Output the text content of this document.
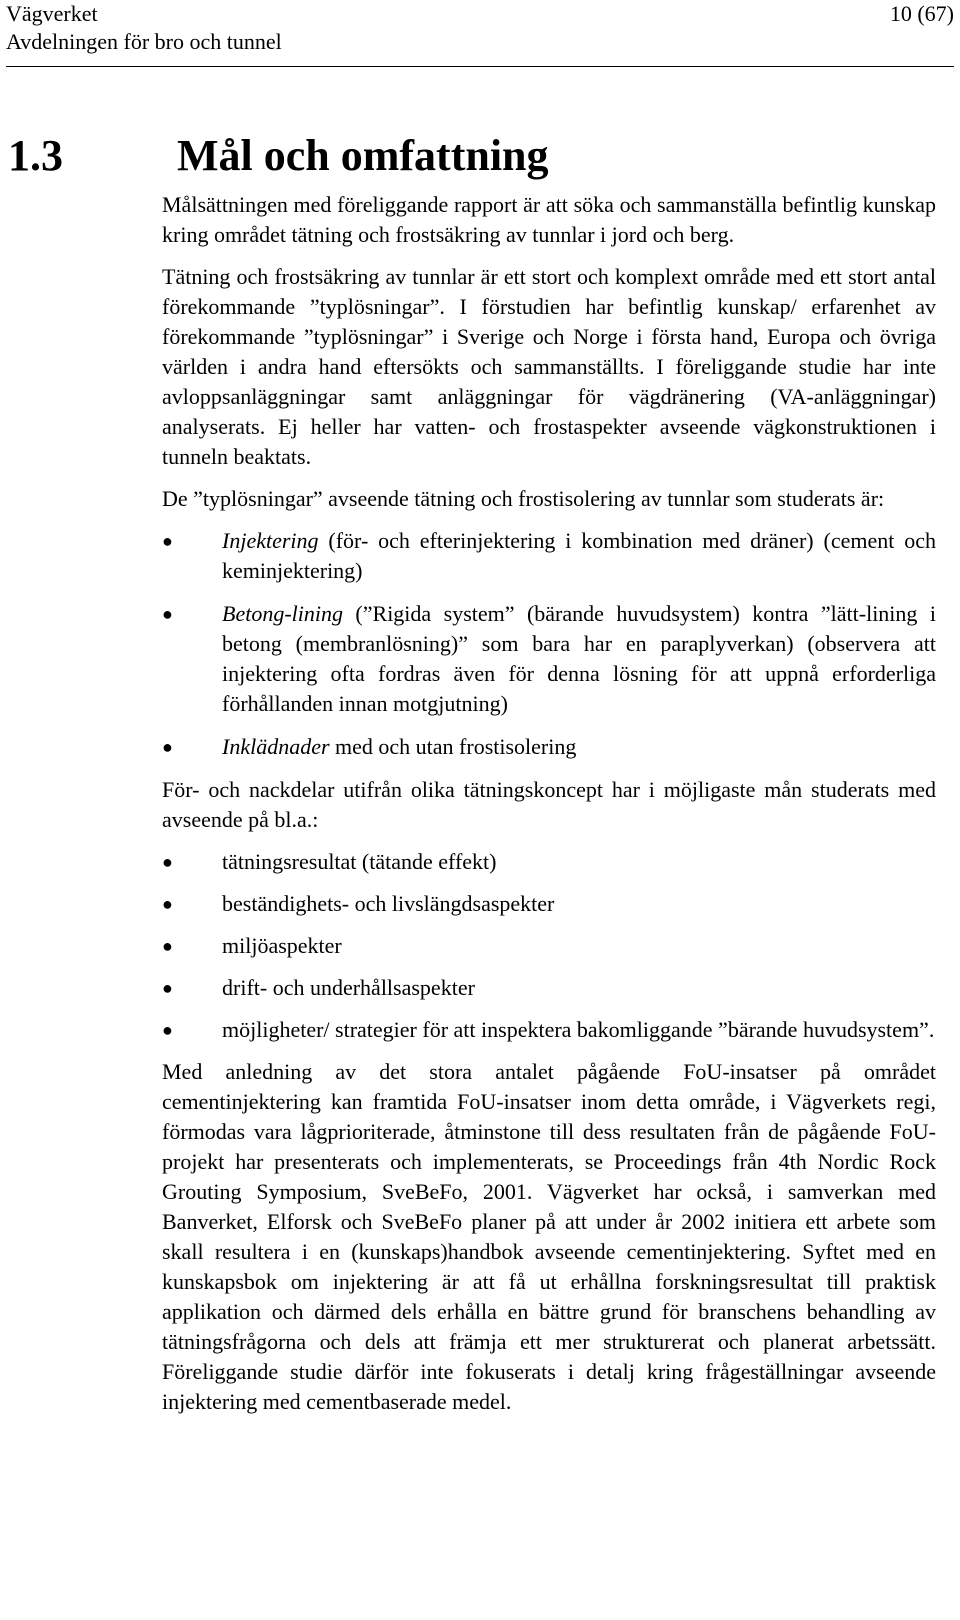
Vägverket
Avdelningen för bro och tunnel
10 (67)
1.3	Mål och omfattning

Målsättningen med föreliggande rapport är att söka och sammanställa befintlig kunskap kring området tätning och frostsäkring av tunnlar i jord och berg.

Tätning och frostsäkring av tunnlar är ett stort och komplext område med ett stort antal förekommande ”typlösningar”. I förstudien har befintlig kunskap/ erfarenhet av förekommande ”typlösningar” i Sverige och Norge i första hand, Europa och övriga världen i andra hand eftersökts och sammanställts. I föreliggande studie har inte avloppsanläggningar samt anläggningar för vägdränering (VA-anläggningar) analyserats. Ej heller har vatten- och frostaspekter avseende vägkonstruktionen i tunneln beaktats.

De ”typlösningar” avseende tätning och frostisolering av tunnlar som studerats är:

● Injektering (för- och efterinjektering i kombination med dräner) (cement och keminjektering)
● Betong-lining (”Rigida system” (bärande huvudsystem) kontra ”lätt-lining i betong (membranlösning)” som bara har en paraplyverkan) (observera att injektering ofta fordras även för denna lösning för att uppnå erforderliga förhållanden innan motgjutning)
● Inklädnader med och utan frostisolering

För- och nackdelar utifrån olika tätningskoncept har i möjligaste mån studerats med avseende på bl.a.:

● tätningsresultat (tätande effekt)
● beständighets- och livslängdsaspekter
● miljöaspekter
● drift- och underhållsaspekter
● möjligheter/ strategier för att inspektera bakomliggande ”bärande huvudsystem”.

Med anledning av det stora antalet pågående FoU-insatser på området cementinjektering kan framtida FoU-insatser inom detta område, i Vägverkets regi, förmodas vara lågprioriterade, åtminstone till dess resultaten från de pågående FoU-projekt har presenterats och implementerats, se Proceedings från 4th Nordic Rock Grouting Symposium, SveBeFo, 2001. Vägverket har också, i samverkan med Banverket, Elforsk och SveBeFo planer på att under år 2002 initiera ett arbete som skall resultera i en (kunskaps)handbok avseende cementinjektering. Syftet med en kunskapsbok om injektering är att få ut erhållna forskningsresultat till praktisk applikation och därmed dels erhålla en bättre grund för branschens behandling av tätningsfrågorna och dels att främja ett mer strukturerat och planerat arbetssätt. Föreliggande studie därför inte fokuserats i detalj kring frågeställningar avseende injektering med cementbaserade medel.
